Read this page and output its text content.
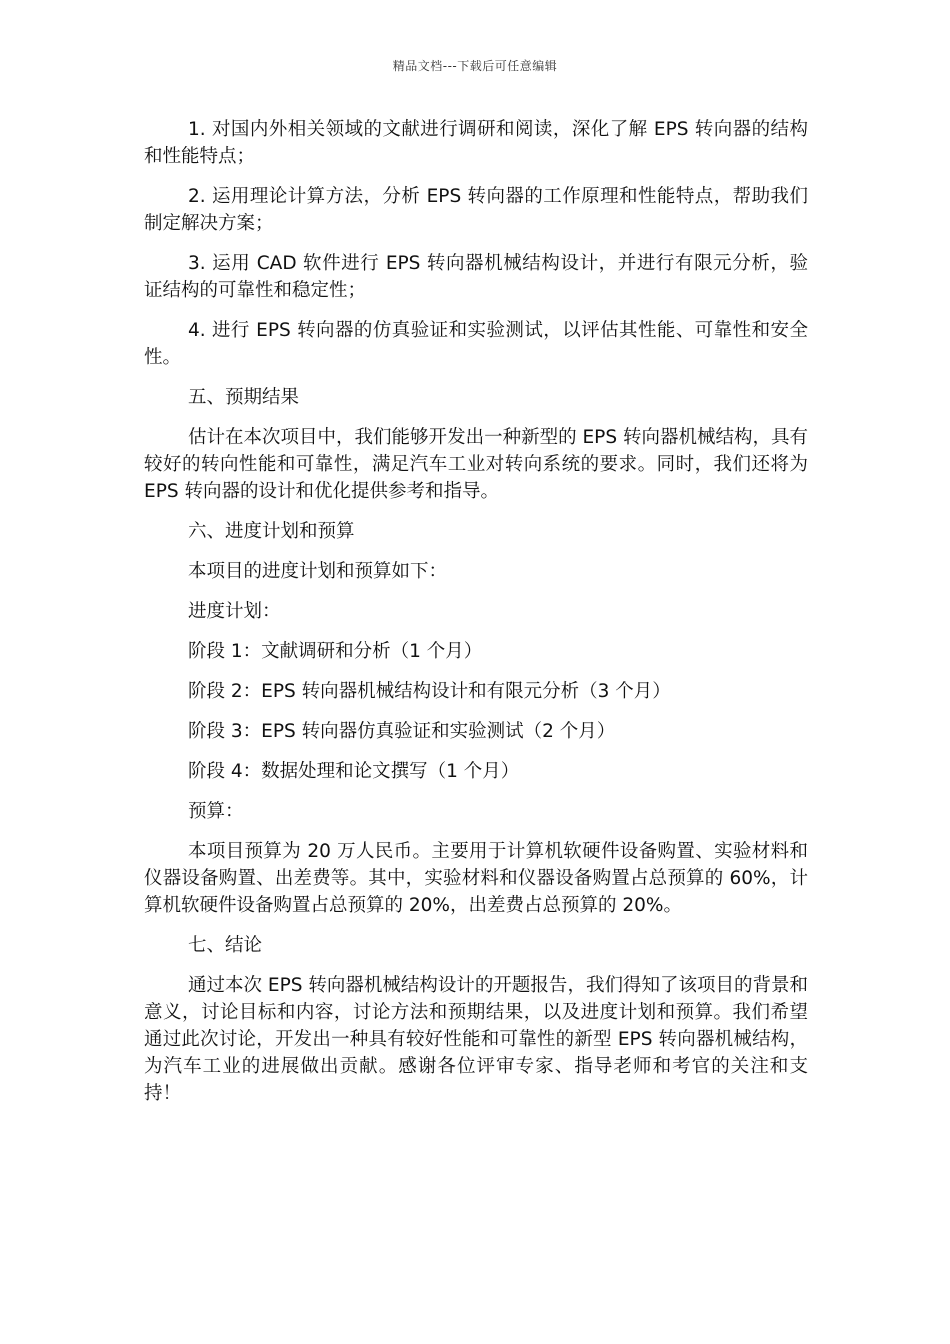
精品文档---下载后可任意编辑

1. 对国内外相关领域的文献进行调研和阅读，深化了解 EPS 转向器的结构和性能特点；

2. 运用理论计算方法，分析 EPS 转向器的工作原理和性能特点，帮助我们制定解决方案；

3. 运用 CAD 软件进行 EPS 转向器机械结构设计，并进行有限元分析，验证结构的可靠性和稳定性；

4. 进行 EPS 转向器的仿真验证和实验测试，以评估其性能、可靠性和安全性。

五、预期结果

估计在本次项目中，我们能够开发出一种新型的 EPS 转向器机械结构，具有较好的转向性能和可靠性，满足汽车工业对转向系统的要求。同时，我们还将为 EPS 转向器的设计和优化提供参考和指导。

六、进度计划和预算

本项目的进度计划和预算如下：

进度计划：

阶段 1：文献调研和分析（1 个月）

阶段 2：EPS 转向器机械结构设计和有限元分析（3 个月）

阶段 3：EPS 转向器仿真验证和实验测试（2 个月）

阶段 4：数据处理和论文撰写（1 个月）

预算：

本项目预算为 20 万人民币。主要用于计算机软硬件设备购置、实验材料和仪器设备购置、出差费等。其中，实验材料和仪器设备购置占总预算的 60%，计算机软硬件设备购置占总预算的 20%，出差费占总预算的 20%。

七、结论

通过本次 EPS 转向器机械结构设计的开题报告，我们得知了该项目的背景和意义，讨论目标和内容，讨论方法和预期结果，以及进度计划和预算。我们希望通过此次讨论，开发出一种具有较好性能和可靠性的新型 EPS 转向器机械结构，为汽车工业的进展做出贡献。感谢各位评审专家、指导老师和考官的关注和支持！
